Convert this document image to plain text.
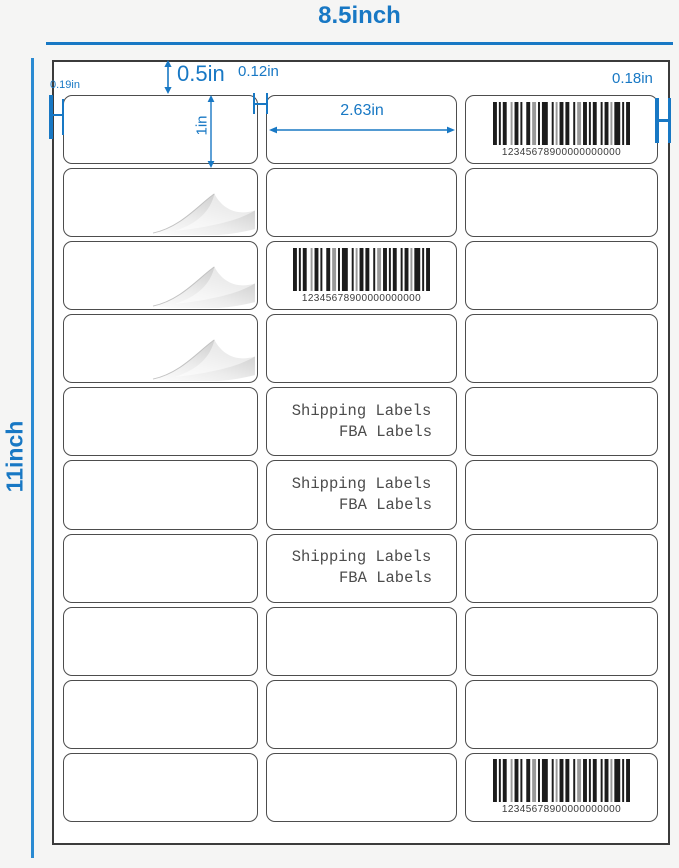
8.5inch
11inch
12345678900000000000
12345678900000000000
Shipping Labels
FBA Labels
Shipping Labels
FBA Labels
Shipping Labels
FBA Labels
12345678900000000000
0.5in 0.12in
0.19in	0.18in
1in
2.63in
